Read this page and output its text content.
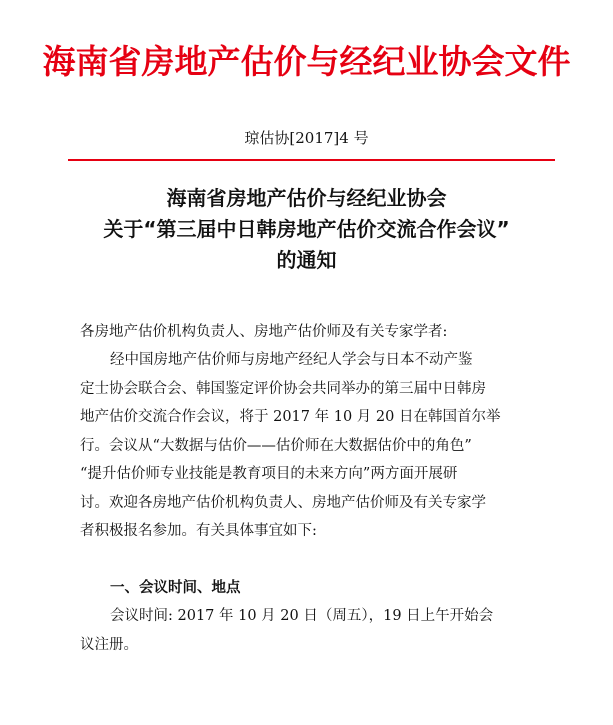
海南省房地产估价与经纪业协会文件
琼估协[2017]4 号
海南省房地产估价与经纪业协会
关于“第三届中日韩房地产估价交流合作会议”
的通知
各房地产估价机构负责人、房地产估价师及有关专家学者:
经中国房地产估价师与房地产经纪人学会与日本不动产鉴
定士协会联合会、韩国鉴定评价协会共同举办的第三届中日韩房
地产估价交流合作会议，将于 2017 年 10 月 20 日在韩国首尔举
行。会议从“大数据与估价——估价师在大数据估价中的角色”
“提升估价师专业技能是教育项目的未来方向”两方面开展研
讨。欢迎各房地产估价机构负责人、房地产估价师及有关专家学
者积极报名参加。有关具体事宜如下:
一、会议时间、地点
会议时间: 2017 年 10 月 20 日（周五），19 日上午开始会
议注册。
